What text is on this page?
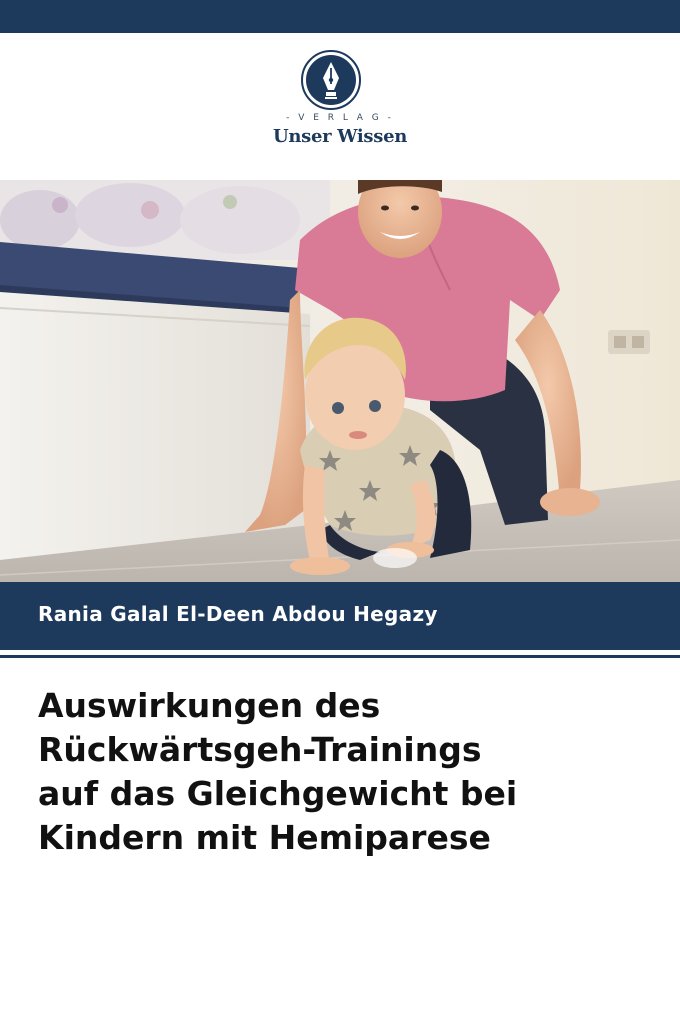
- V E R L A G -
Unser Wissen
Rania Galal El-Deen Abdou Hegazy
Auswirkungen des
Rückwärtsgeh-Trainings
auf das Gleichgewicht bei
Kindern mit Hemiparese
